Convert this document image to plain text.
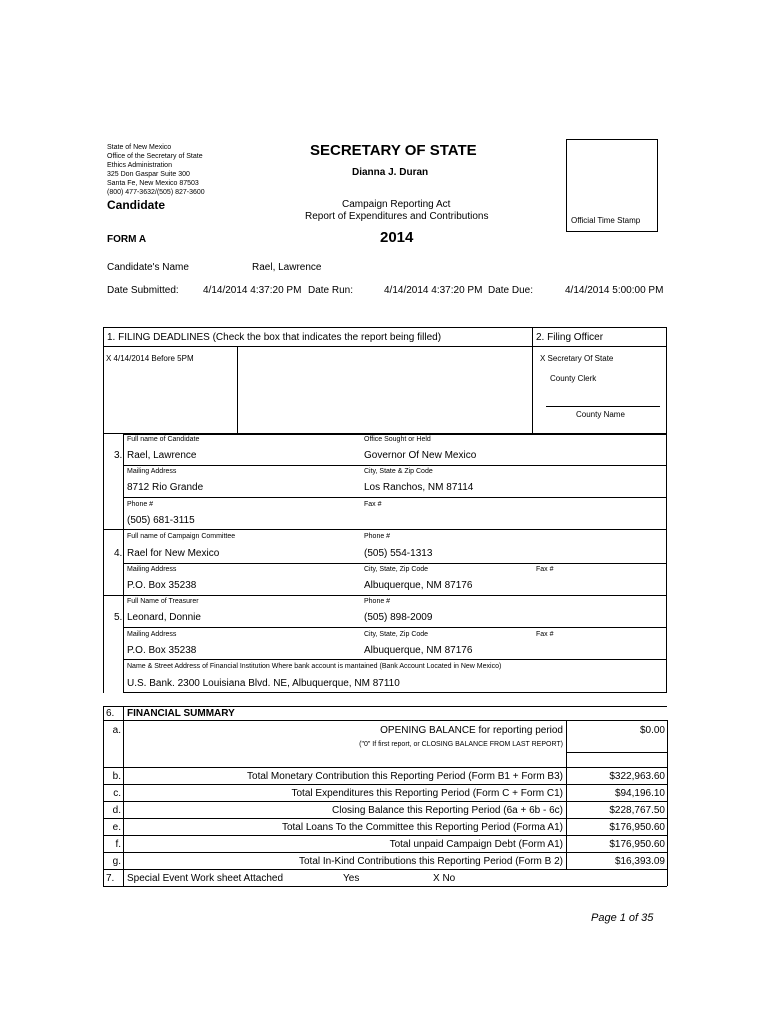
State of New Mexico
Office of the Secretary of State
Ethics Administration
325 Don Gaspar Suite 300
Santa Fe, New Mexico 87503
(800) 477-3632/(505) 827-3600
SECRETARY OF STATE
Dianna J. Duran
Candidate	Campaign Reporting Act
Report of Expenditures and Contributions
2014
FORM A
Official Time Stamp
Candidate's Name	Rael, Lawrence
Date Submitted: 4/14/2014 4:37:20 PM Date Run:	4/14/2014 4:37:20 PM Date Due:	4/14/2014 5:00:00 PM
1. FILING DEADLINES (Check the box that indicates the report being filled)
X 4/14/2014 Before 5PM
2. Filing Officer
X Secretary Of State
County Clerk
County Name
3.
Full name of Candidate
Rael, Lawrence
Office Sought or Held
Governor Of New Mexico
Mailing Address
8712 Rio Grande
City, State & Zip Code
Los Ranchos, NM 87114
Phone #
(505) 681-3115
Fax #
4.
Full name of Campaign Committee
Rael for New Mexico
Phone #
(505) 554-1313
Mailing Address
P.O. Box 35238
City, State, Zip Code
Albuquerque, NM 87176
Fax #
5.
Full Name of Treasurer
Leonard, Donnie
Phone #
(505) 898-2009
Mailing Address
P.O. Box 35238
City, State, Zip Code
Albuquerque, NM 87176
Fax #
Name & Street Address of Financial Institution Where bank account is mantained (Bank Account Located in New Mexico)
U.S. Bank. 2300 Louisiana Blvd. NE, Albuquerque, NM 87110
6. FINANCIAL SUMMARY
a.	OPENING BALANCE for reporting period	$0.00
("0" If first report, or CLOSING BALANCE FROM LAST REPORT)
b.	Total Monetary Contribution this Reporting Period (Form B1 + Form B3)	$322,963.60
c.	Total Expenditures this Reporting Period (Form C + Form C1)	$94,196.10
d.	Closing Balance this Reporting Period (6a + 6b - 6c)	$228,767.50
e.	Total Loans To the Committee this Reporting Period (Forma A1)	$176,950.60
f.	Total unpaid Campaign Debt (Form A1)	$176,950.60
g.	Total In-Kind Contributions this Reporting Period (Form B 2)	$16,393.09
7. Special Event Work sheet Attached	Yes	X No
Page 1 of 35
